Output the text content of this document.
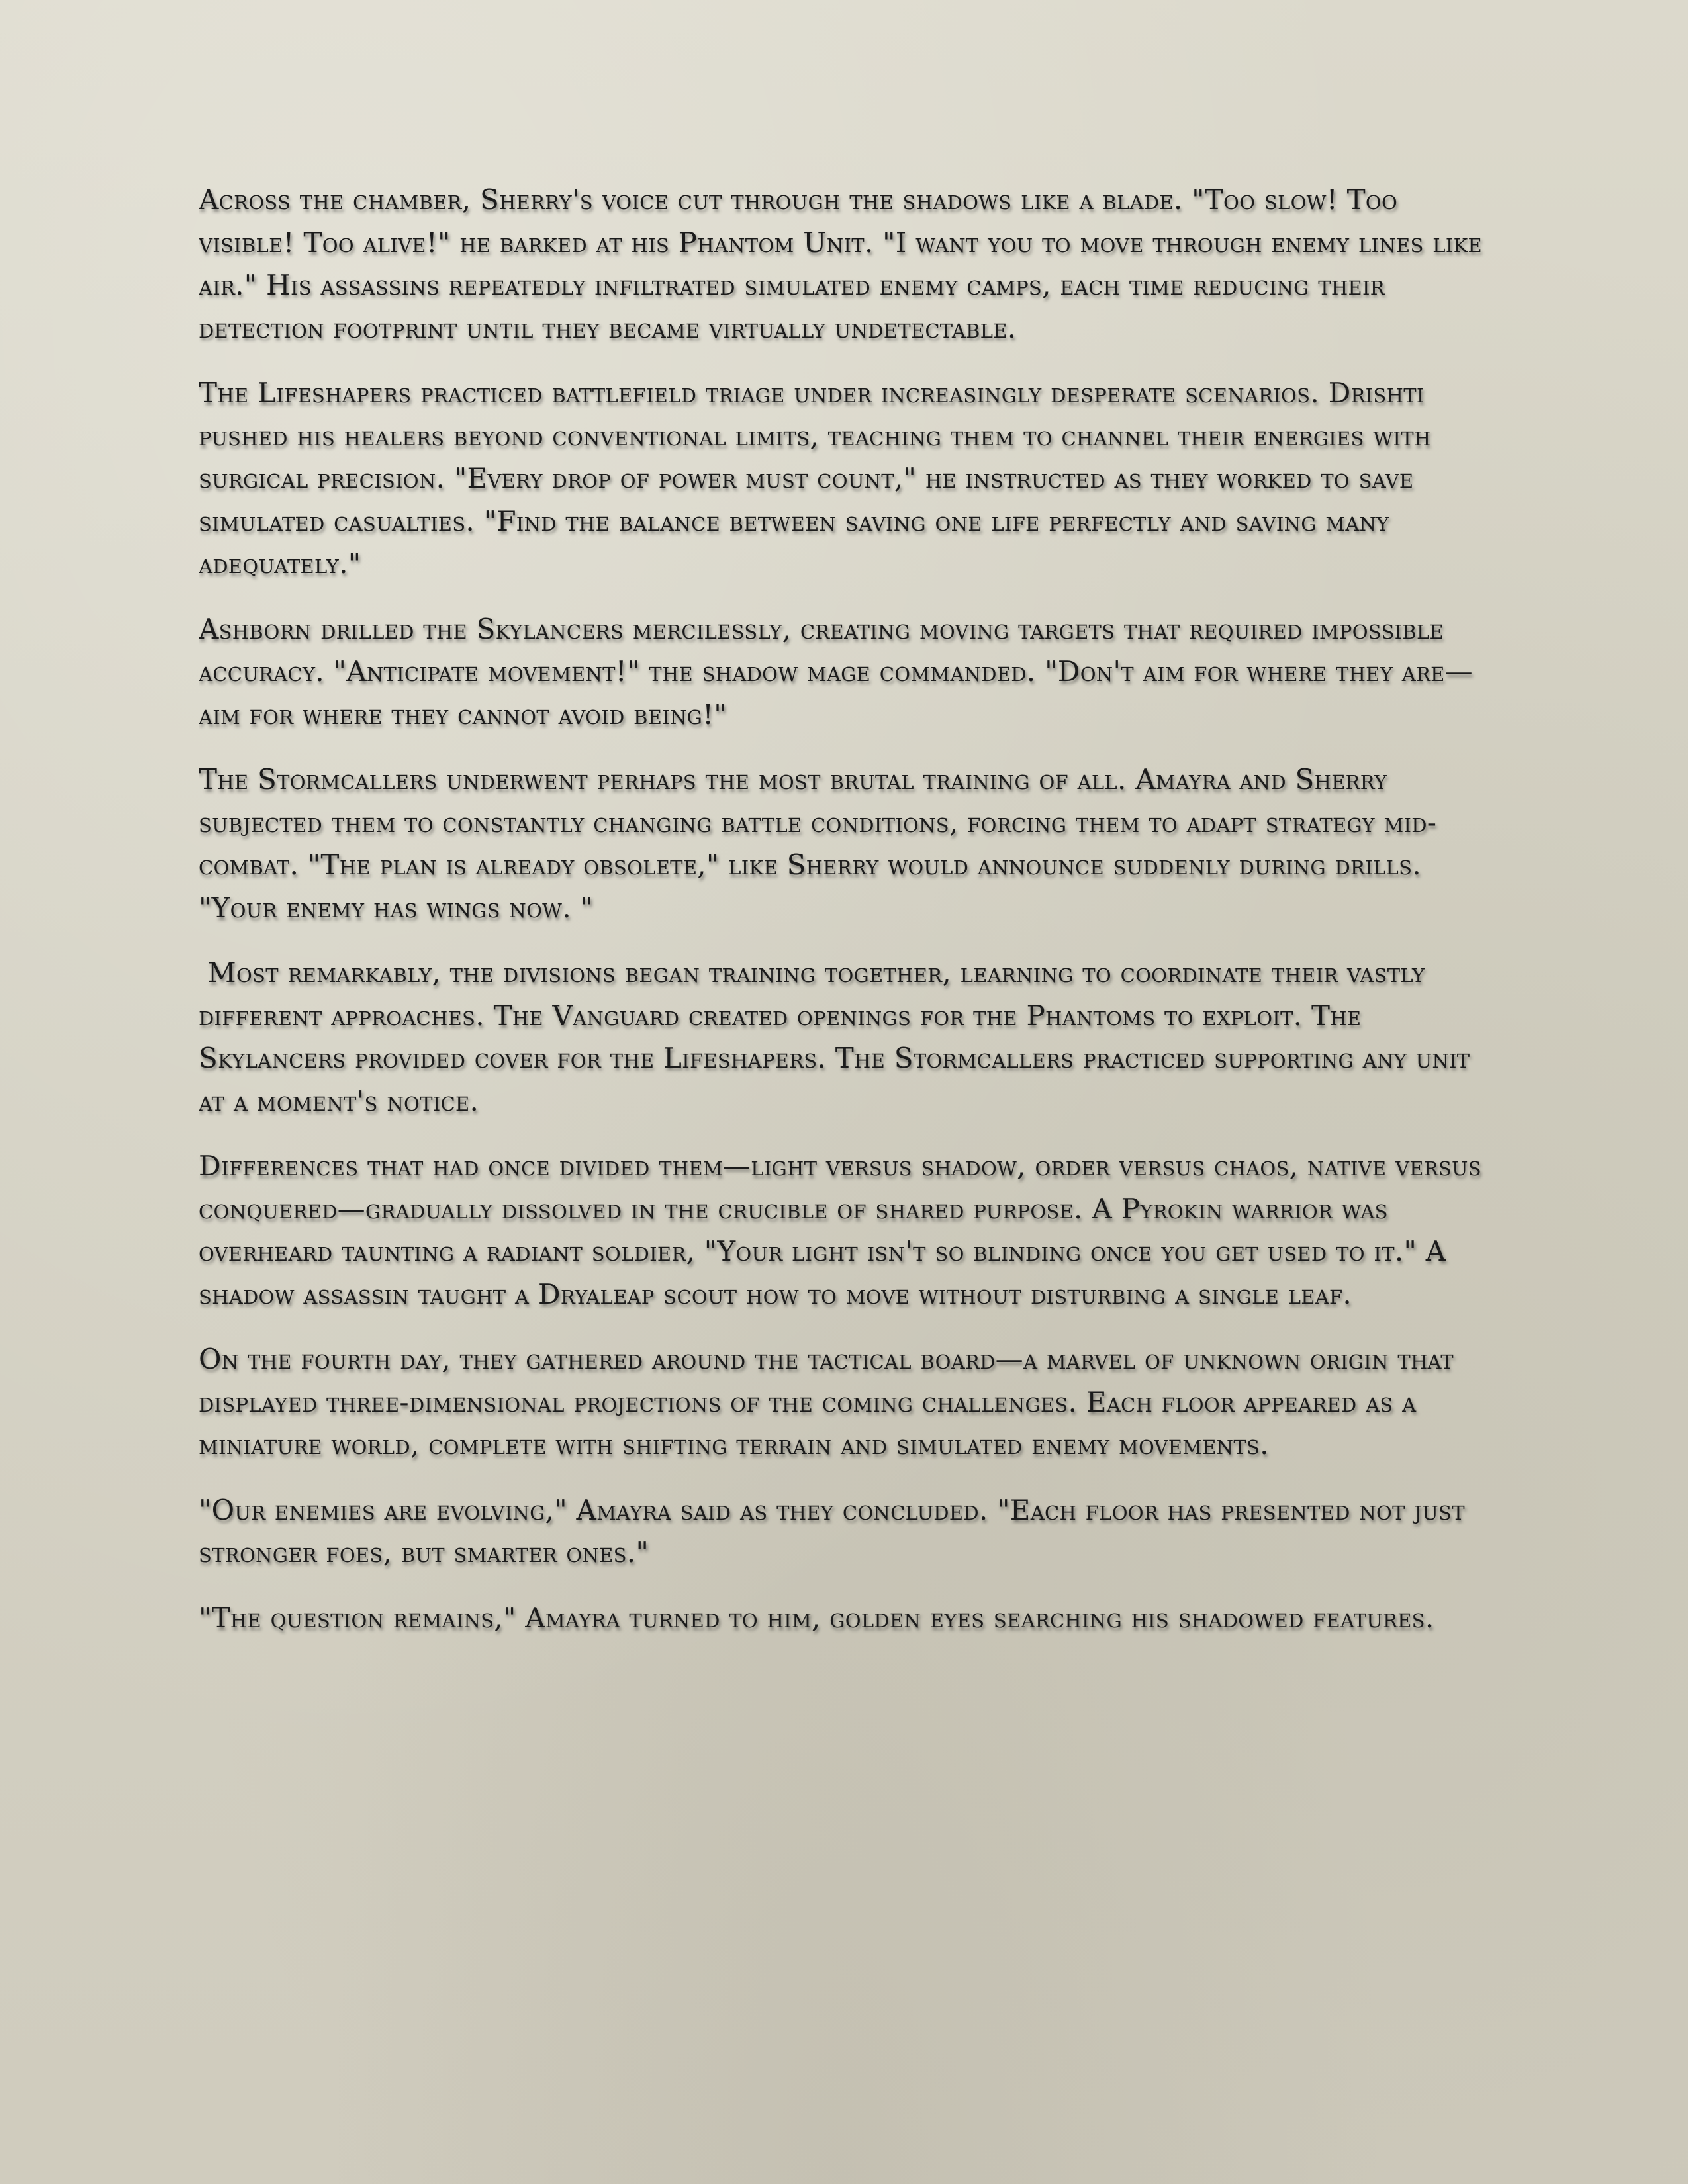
Across the chamber, Sherry's voice cut through the shadows like a blade. "Too slow! Too visible! Too alive!" he barked at his Phantom Unit. "I want you to move through enemy lines like air." His assassins repeatedly infiltrated simulated enemy camps, each time reducing their detection footprint until they became virtually undetectable.

The Lifeshapers practiced battlefield triage under increasingly desperate scenarios. Drishti pushed his healers beyond conventional limits, teaching them to channel their energies with surgical precision. "Every drop of power must count," he instructed as they worked to save simulated casualties. "Find the balance between saving one life perfectly and saving many adequately."

Ashborn drilled the Skylancers mercilessly, creating moving targets that required impossible accuracy. "Anticipate movement!" the shadow mage commanded. "Don't aim for where they are—aim for where they cannot avoid being!"

The Stormcallers underwent perhaps the most brutal training of all. Amayra and Sherry subjected them to constantly changing battle conditions, forcing them to adapt strategy mid- combat. "The plan is already obsolete," like Sherry would announce suddenly during drills. "Your enemy has wings now. "

Most remarkably, the divisions began training together, learning to coordinate their vastly different approaches. The Vanguard created openings for the Phantoms to exploit. The Skylancers provided cover for the Lifeshapers. The Stormcallers practiced supporting any unit at a moment's notice.

Differences that had once divided them—light versus shadow, order versus chaos, native versus conquered—gradually dissolved in the crucible of shared purpose. A Pyrokin warrior was overheard taunting a radiant soldier, "Your light isn't so blinding once you get used to it." A shadow assassin taught a Dryaleap scout how to move without disturbing a single leaf.

On the fourth day, they gathered around the tactical board—a marvel of unknown origin that displayed three-dimensional projections of the coming challenges. Each floor appeared as a miniature world, complete with shifting terrain and simulated enemy movements.

"Our enemies are evolving," Amayra said as they concluded. "Each floor has presented not just stronger foes, but smarter ones."

"The question remains," Amayra turned to him, golden eyes searching his shadowed features.
